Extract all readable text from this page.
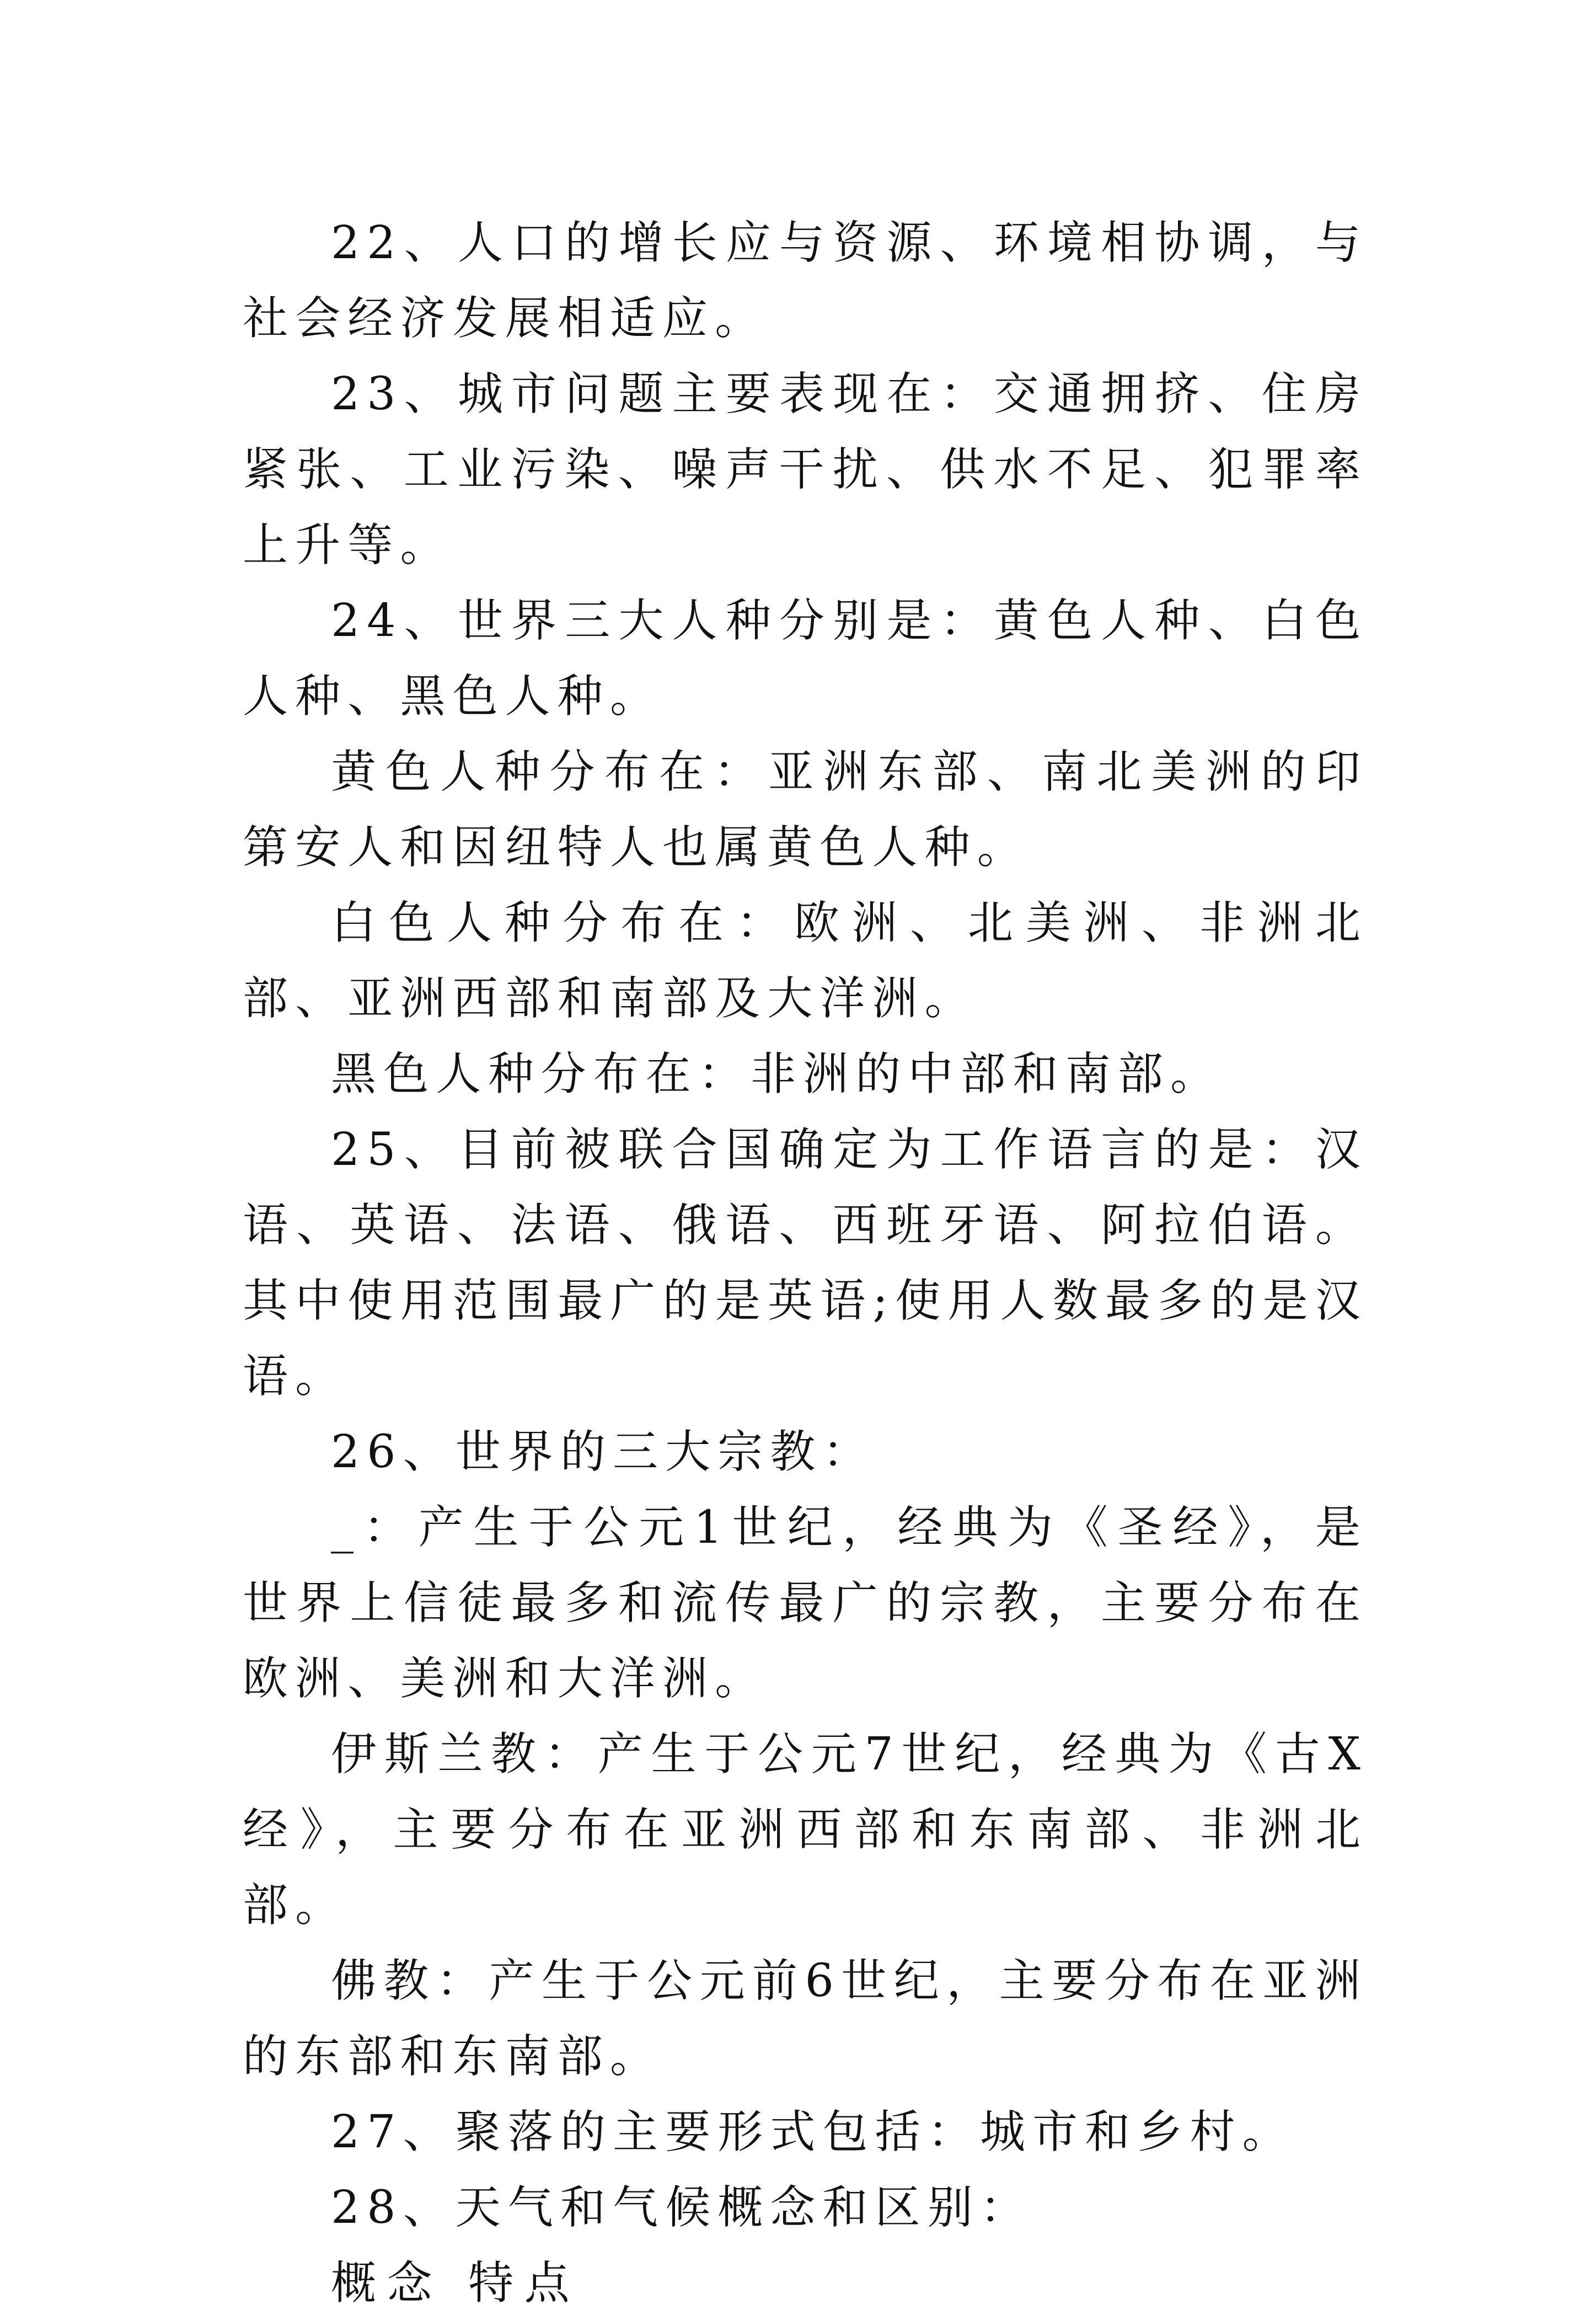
22、人口的增长应与资源、环境相协调，与社会经济发展相适应。

23、城市问题主要表现在：交通拥挤、住房紧张、工业污染、噪声干扰、供水不足、犯罪率上升等。

24、世界三大人种分别是：黄色人种、白色人种、黑色人种。

黄色人种分布在：亚洲东部、南北美洲的印第安人和因纽特人也属黄色人种。

白色人种分布在：欧洲、北美洲、非洲北部、亚洲西部和南部及大洋洲。

黑色人种分布在：非洲的中部和南部。

25、目前被联合国确定为工作语言的是：汉语、英语、法语、俄语、西班牙语、阿拉伯语。其中使用范围最广的是英语;使用人数最多的是汉语。

26、世界的三大宗教：

_：产生于公元1世纪，经典为《圣经》，是世界上信徒最多和流传最广的宗教，主要分布在欧洲、美洲和大洋洲。

伊斯兰教：产生于公元7世纪，经典为《古X经》，主要分布在亚洲西部和东南部、非洲北部。

佛教：产生于公元前6世纪，主要分布在亚洲的东部和东南部。

27、聚落的主要形式包括：城市和乡村。

28、天气和气候概念和区别：

概念 特点
